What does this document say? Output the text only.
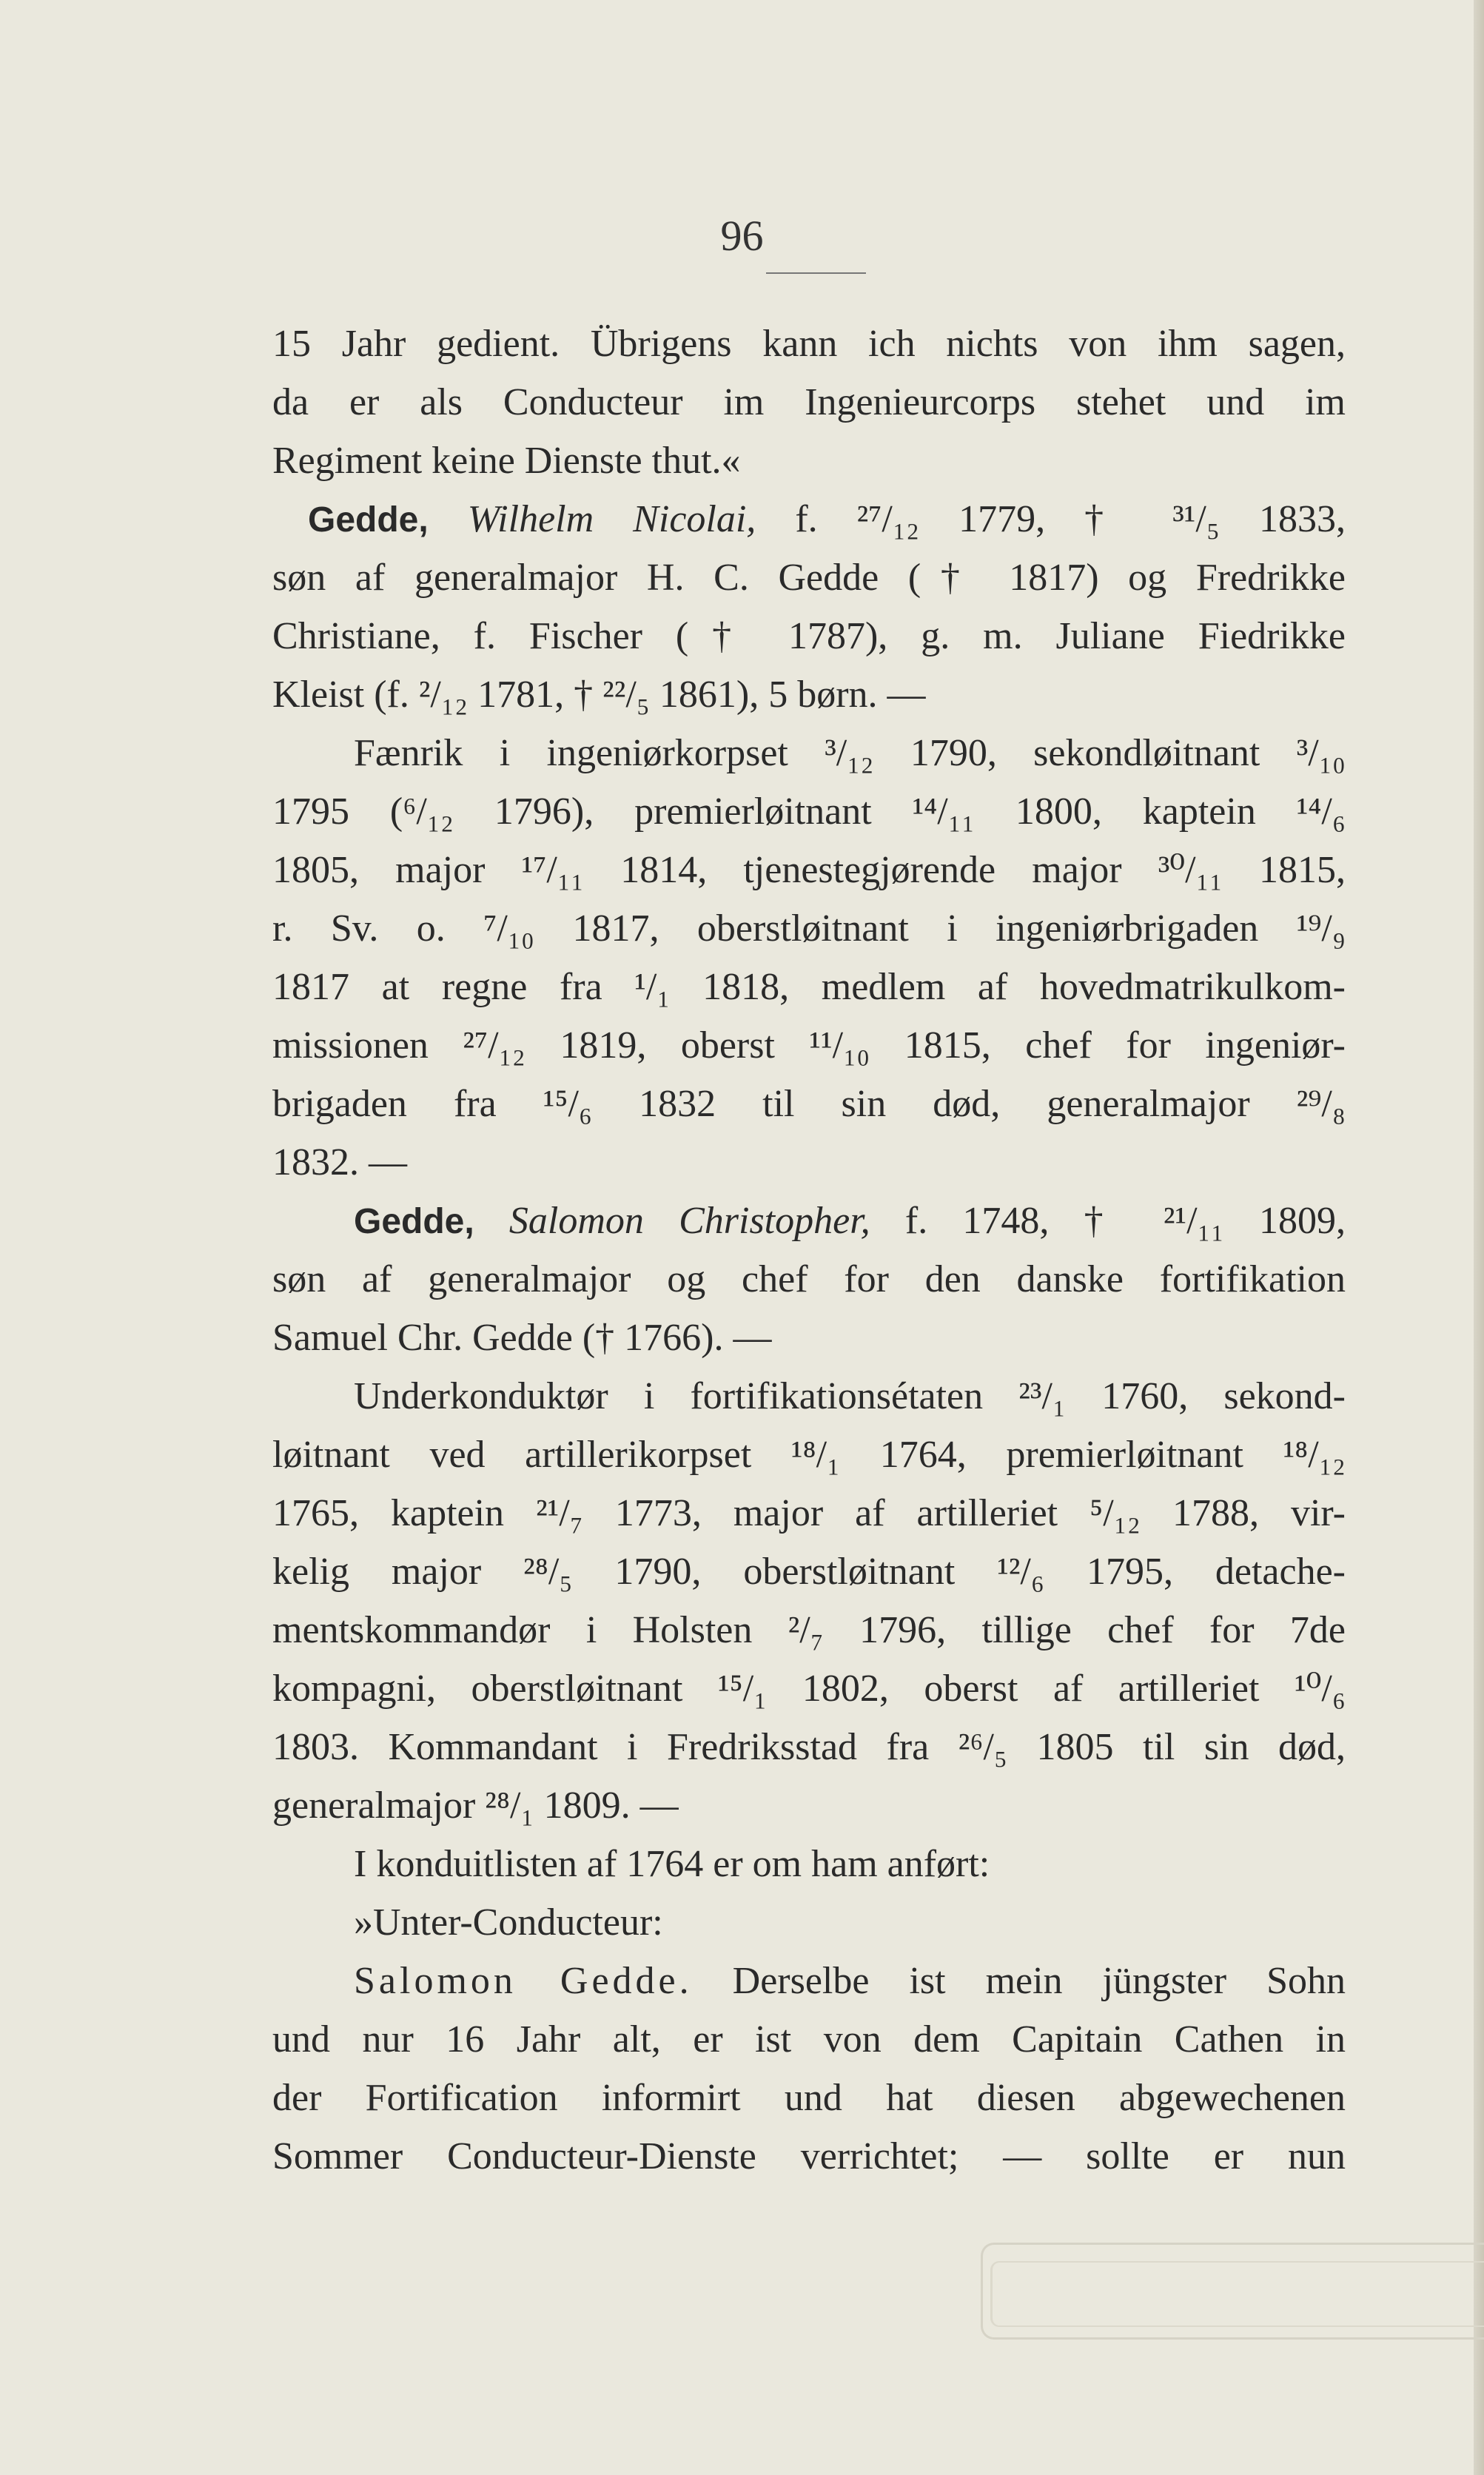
96
15 Jahr gedient. Übrigens kann ich nichts von ihm sagen,
da er als Conducteur im Ingenieurcorps stehet und im
Regiment keine Dienste thut.«
Gedde, Wilhelm Nicolai, f. ²⁷/₁₂ 1779, † ³¹/₅ 1833,
søn af generalmajor H. C. Gedde († 1817) og Fredrikke
Christiane, f. Fischer († 1787), g. m. Juliane Fiedrikke
Kleist (f. ²/₁₂ 1781, † ²²/₅ 1861), 5 børn. —
Fænrik i ingeniørkorpset ³/₁₂ 1790, sekondløitnant ³/₁₀
1795 (⁶/₁₂ 1796), premierløitnant ¹⁴/₁₁ 1800, kaptein ¹⁴/₆
1805, major ¹⁷/₁₁ 1814, tjenestegjørende major ³⁰/₁₁ 1815,
r. Sv. o. ⁷/₁₀ 1817, oberstløitnant i ingeniørbrigaden ¹⁹/₉
1817 at regne fra ¹/₁ 1818, medlem af hovedmatrikulkom-
missionen ²⁷/₁₂ 1819, oberst ¹¹/₁₀ 1815, chef for ingeniør-
brigaden fra ¹⁵/₆ 1832 til sin død, generalmajor ²⁹/₈
1832. —
Gedde, Salomon Christopher, f. 1748, † ²¹/₁₁ 1809,
søn af generalmajor og chef for den danske fortifikation
Samuel Chr. Gedde († 1766). —
Underkonduktør i fortifikationsétaten ²³/₁ 1760, sekond-
løitnant ved artillerikorpset ¹⁸/₁ 1764, premierløitnant ¹⁸/₁₂
1765, kaptein ²¹/₇ 1773, major af artilleriet ⁵/₁₂ 1788, vir-
kelig major ²⁸/₅ 1790, oberstløitnant ¹²/₆ 1795, detache-
mentskommandør i Holsten ²/₇ 1796, tillige chef for 7de
kompagni, oberstløitnant ¹⁵/₁ 1802, oberst af artilleriet ¹⁰/₆
1803. Kommandant i Fredriksstad fra ²⁶/₅ 1805 til sin død,
generalmajor ²⁸/₁ 1809. —
I konduitlisten af 1764 er om ham anført:
»Unter-Conducteur:
Salomon Gedde. Derselbe ist mein jüngster Sohn
und nur 16 Jahr alt, er ist von dem Capitain Cathen in
der Fortification informirt und hat diesen abgewechenen
Sommer Conducteur-Dienste verrichtet; — sollte er nun
